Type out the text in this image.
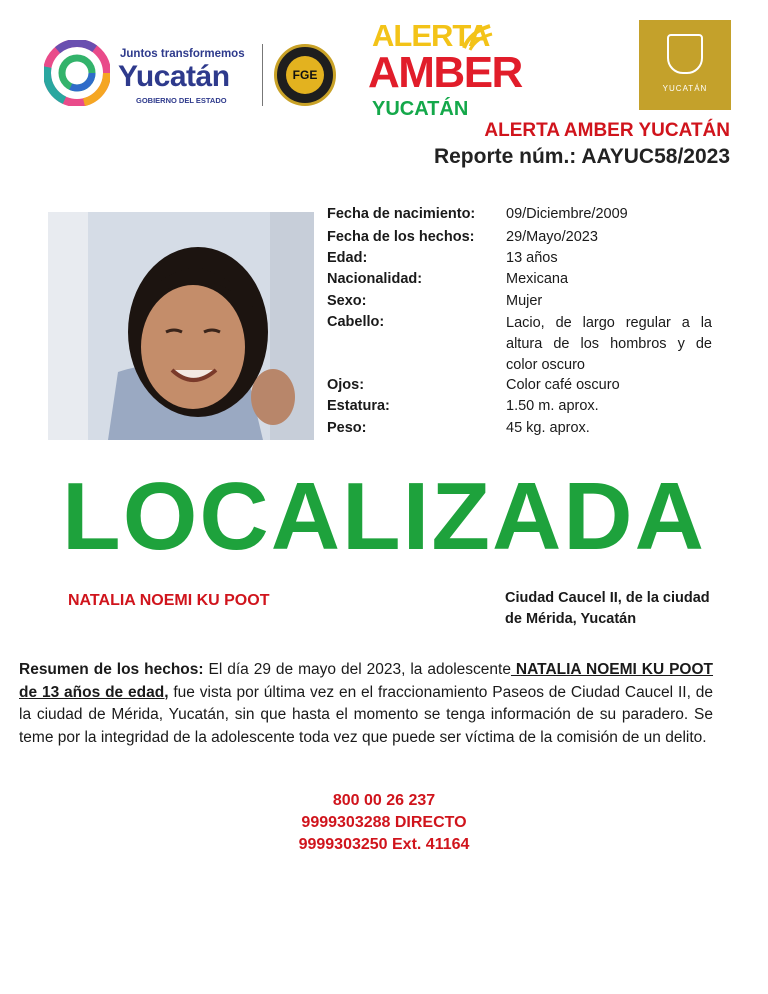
Juntos transformemos
Yucatán
GOBIERNO DEL ESTADO
FGE
ALERTA
AMBER
YUCATÁN
YUCATÁN
ALERTA AMBER YUCATÁN
Reporte núm.: AAYUC58/2023
Fecha de nacimiento: 09/Diciembre/2009
Fecha de los hechos: 29/Mayo/2023
Edad:	13 años
Nacionalidad:	Mexicana
Sexo:	Mujer
Cabello:	Lacio, de largo regular a la altura de los hombros y de color oscuro
Ojos:	Color café oscuro
Estatura:	1.50 m. aprox.
Peso:	45 kg. aprox.
LOCALIZADA
NATALIA NOEMI KU POOT	Ciudad Caucel II, de la ciudad de Mérida, Yucatán
Resumen de los hechos: El día 29 de mayo del 2023, la adolescente NATALIA NOEMI KU POOT de 13 años de edad, fue vista por última vez en el fraccionamiento Paseos de Ciudad Caucel II, de la ciudad de Mérida, Yucatán, sin que hasta el momento se tenga información de su paradero. Se teme por la integridad de la adolescente toda vez que puede ser víctima de la comisión de un delito.
800 00 26 237
9999303288 DIRECTO
9999303250 Ext. 41164
